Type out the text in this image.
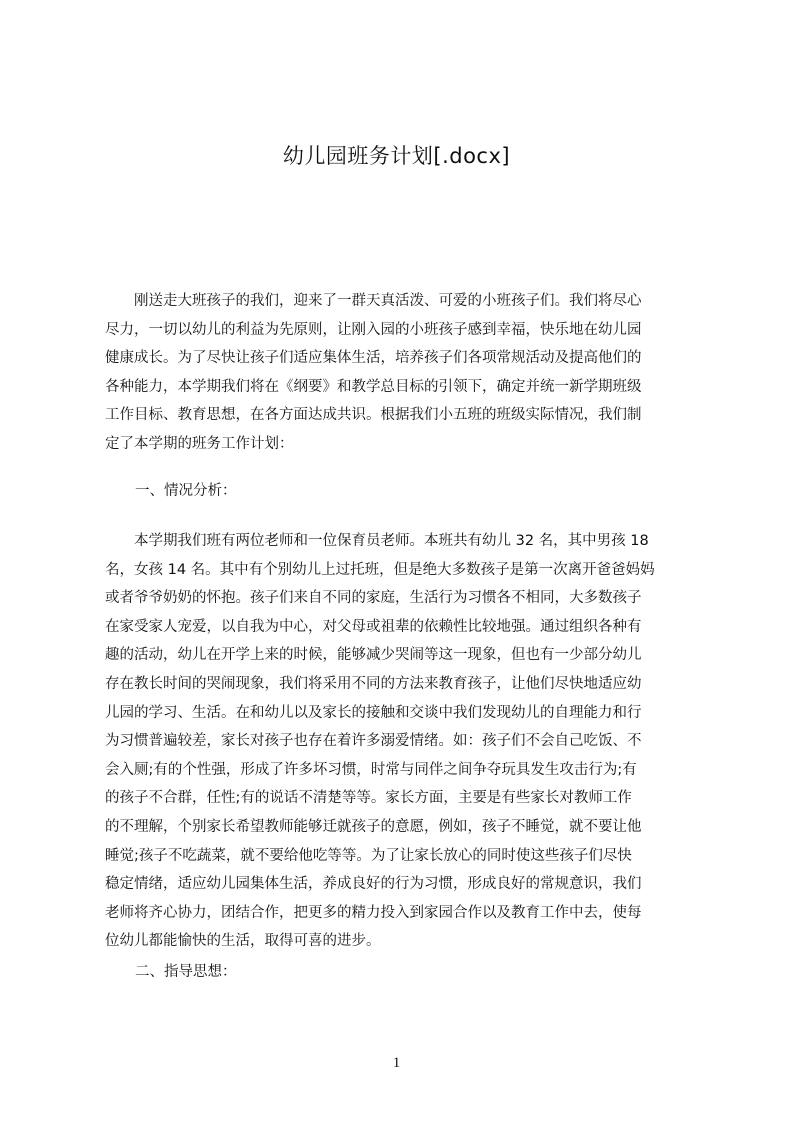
幼儿园班务计划[.docx]
　　刚送走大班孩子的我们，迎来了一群天真活泼、可爱的小班孩子们。我们将尽心
尽力，一切以幼儿的利益为先原则，让刚入园的小班孩子感到幸福，快乐地在幼儿园
健康成长。为了尽快让孩子们适应集体生活，培养孩子们各项常规活动及提高他们的
各种能力，本学期我们将在《纲要》和教学总目标的引领下，确定并统一新学期班级
工作目标、教育思想，在各方面达成共识。根据我们小五班的班级实际情况，我们制
定了本学期的班务工作计划：
一、情况分析：
　　本学期我们班有两位老师和一位保育员老师。本班共有幼儿 32 名，其中男孩 18
名，女孩 14 名。其中有个别幼儿上过托班，但是绝大多数孩子是第一次离开爸爸妈妈
或者爷爷奶奶的怀抱。孩子们来自不同的家庭，生活行为习惯各不相同，大多数孩子
在家受家人宠爱，以自我为中心，对父母或祖辈的依赖性比较地强。通过组织各种有
趣的活动，幼儿在开学上来的时候，能够减少哭闹等这一现象，但也有一少部分幼儿
存在教长时间的哭闹现象，我们将采用不同的方法来教育孩子，让他们尽快地适应幼
儿园的学习、生活。在和幼儿以及家长的接触和交谈中我们发现幼儿的自理能力和行
为习惯普遍较差，家长对孩子也存在着许多溺爱情绪。如：孩子们不会自己吃饭、不
会入厕;有的个性强，形成了许多坏习惯，时常与同伴之间争夺玩具发生攻击行为;有
的孩子不合群，任性;有的说话不清楚等等。家长方面，主要是有些家长对教师工作
的不理解，个别家长希望教师能够迁就孩子的意愿，例如，孩子不睡觉，就不要让他
睡觉;孩子不吃蔬菜，就不要给他吃等等。为了让家长放心的同时使这些孩子们尽快
稳定情绪，适应幼儿园集体生活，养成良好的行为习惯，形成良好的常规意识，我们
老师将齐心协力，团结合作，把更多的精力投入到家园合作以及教育工作中去，使每
位幼儿都能愉快的生活，取得可喜的进步。
二、指导思想：
1
